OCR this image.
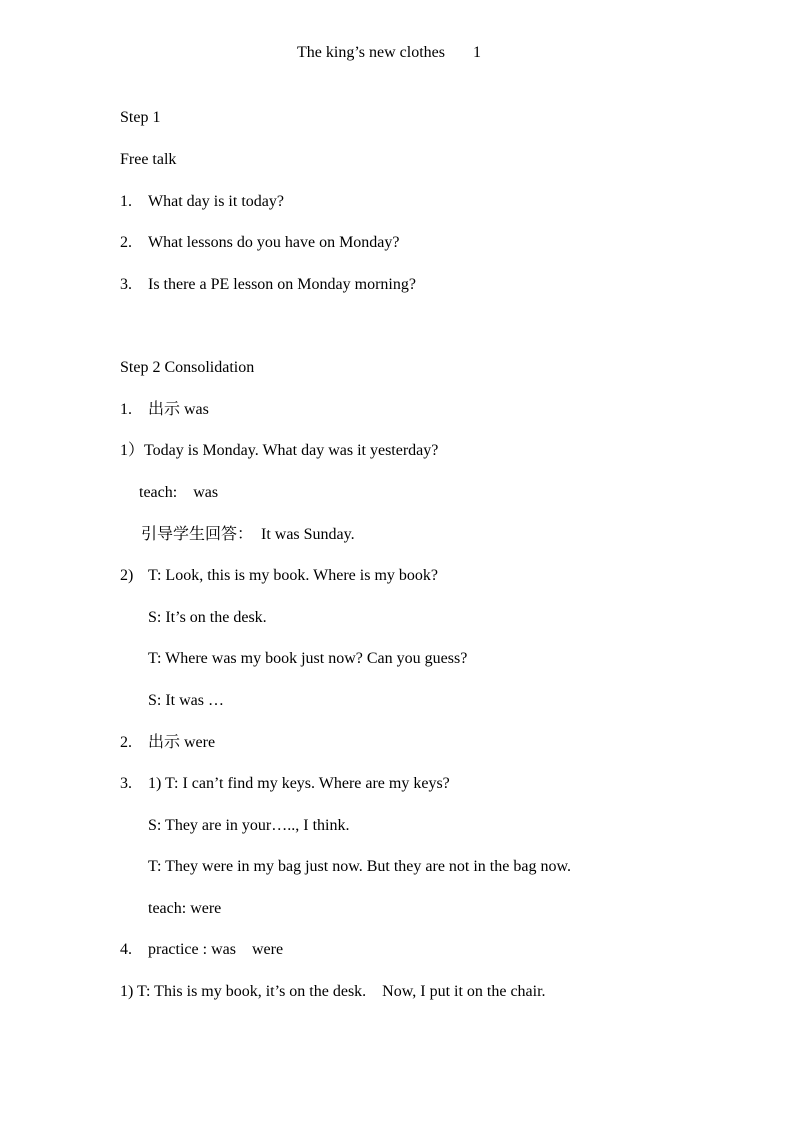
The king’s new clothes 1
Step 1
Free talk
1. What day is it today?
2. What lessons do you have on Monday?
3. Is there a PE lesson on Monday morning?
Step 2 Consolidation
1. 出示 was
1）Today is Monday. What day was it yesterday?
teach:    was
引导学生回答：  It was Sunday.
2) T: Look, this is my book. Where is my book?
S: It’s on the desk.
T: Where was my book just now? Can you guess?
S: It was …
2. 出示 were
3. 1) T: I can’t find my keys. Where are my keys?
S: They are in your….., I think.
T: They were in my bag just now. But they are not in the bag now.
teach: were
4. practice : was    were
1) T: This is my book, it’s on the desk.    Now, I put it on the chair.
